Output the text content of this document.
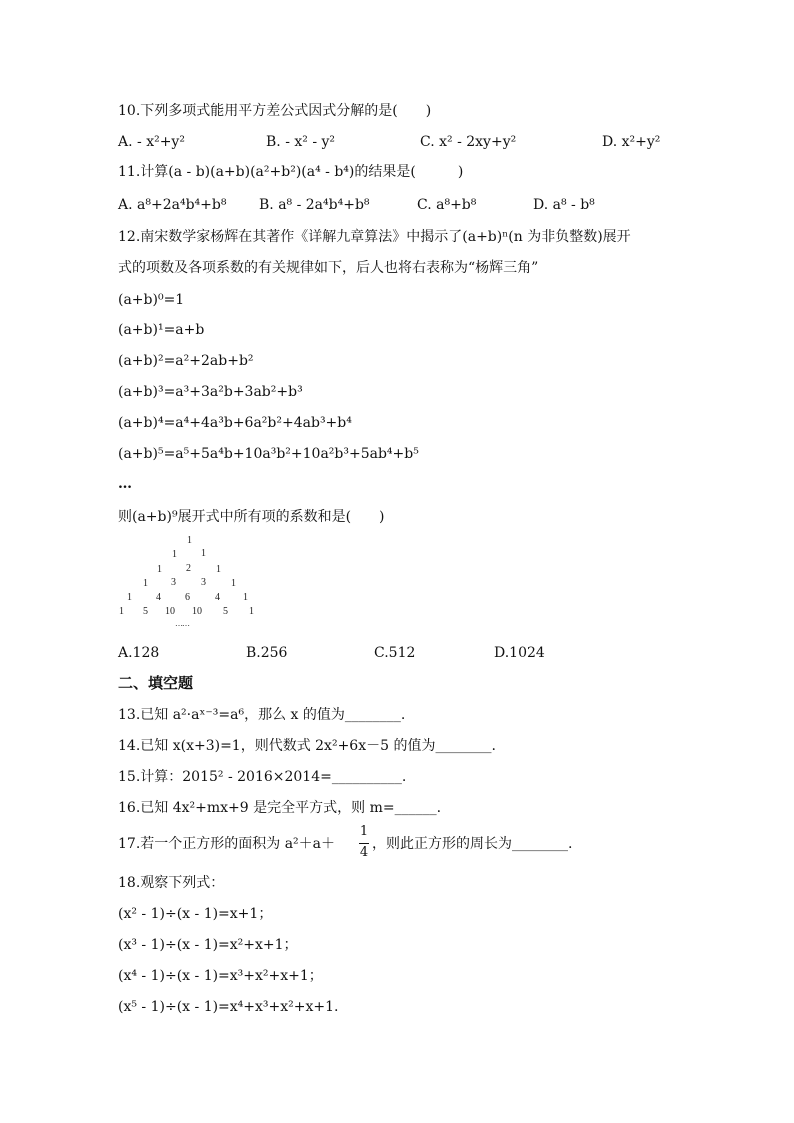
10.下列多项式能用平方差公式因式分解的是(　　)
A. - x²+y²	B. - x² - y²	C. x² - 2xy+y²	D. x²+y²
11.计算(a - b)(a+b)(a²+b²)(a⁴ - b⁴)的结果是(　　　)
A. a⁸+2a⁴b⁴+b⁸ B. a⁸ - 2a⁴b⁴+b⁸	C. a⁸+b⁸	D. a⁸ - b⁸
12.南宋数学家杨辉在其著作《详解九章算法》中揭示了(a+b)ⁿ(n 为非负整数)展开
式的项数及各项系数的有关规律如下，后人也将右表称为“杨辉三角”
(a+b)⁰=1
(a+b)¹=a+b
(a+b)²=a²+2ab+b²
(a+b)³=a³+3a²b+3ab²+b³
(a+b)⁴=a⁴+4a³b+6a²b²+4ab³+b⁴
(a+b)⁵=a⁵+5a⁴b+10a³b²+10a²b³+5ab⁴+b⁵
…
则(a+b)⁹展开式中所有项的系数和是(　　)
1
1 1
1 2	1
1 3	3	1
1 4 6	4 1
1 5 10 10 5 1
……
A.128	B.256	C.512	D.1024
二、填空题
13.已知 a²·aˣ⁻³=a⁶，那么 x 的值为________.
14.已知 x(x+3)=1，则代数式 2x²+6x－5 的值为________.
15.计算：2015² - 2016×2014=__________.
16.已知 4x²+mx+9 是完全平方式，则 m=______.
17.若一个正方形的面积为 a²＋a＋
1
4
，则此正方形的周长为________.
18.观察下列式：
(x² - 1)÷(x - 1)=x+1；
(x³ - 1)÷(x - 1)=x²+x+1；
(x⁴ - 1)÷(x - 1)=x³+x²+x+1；
(x⁵ - 1)÷(x - 1)=x⁴+x³+x²+x+1.
